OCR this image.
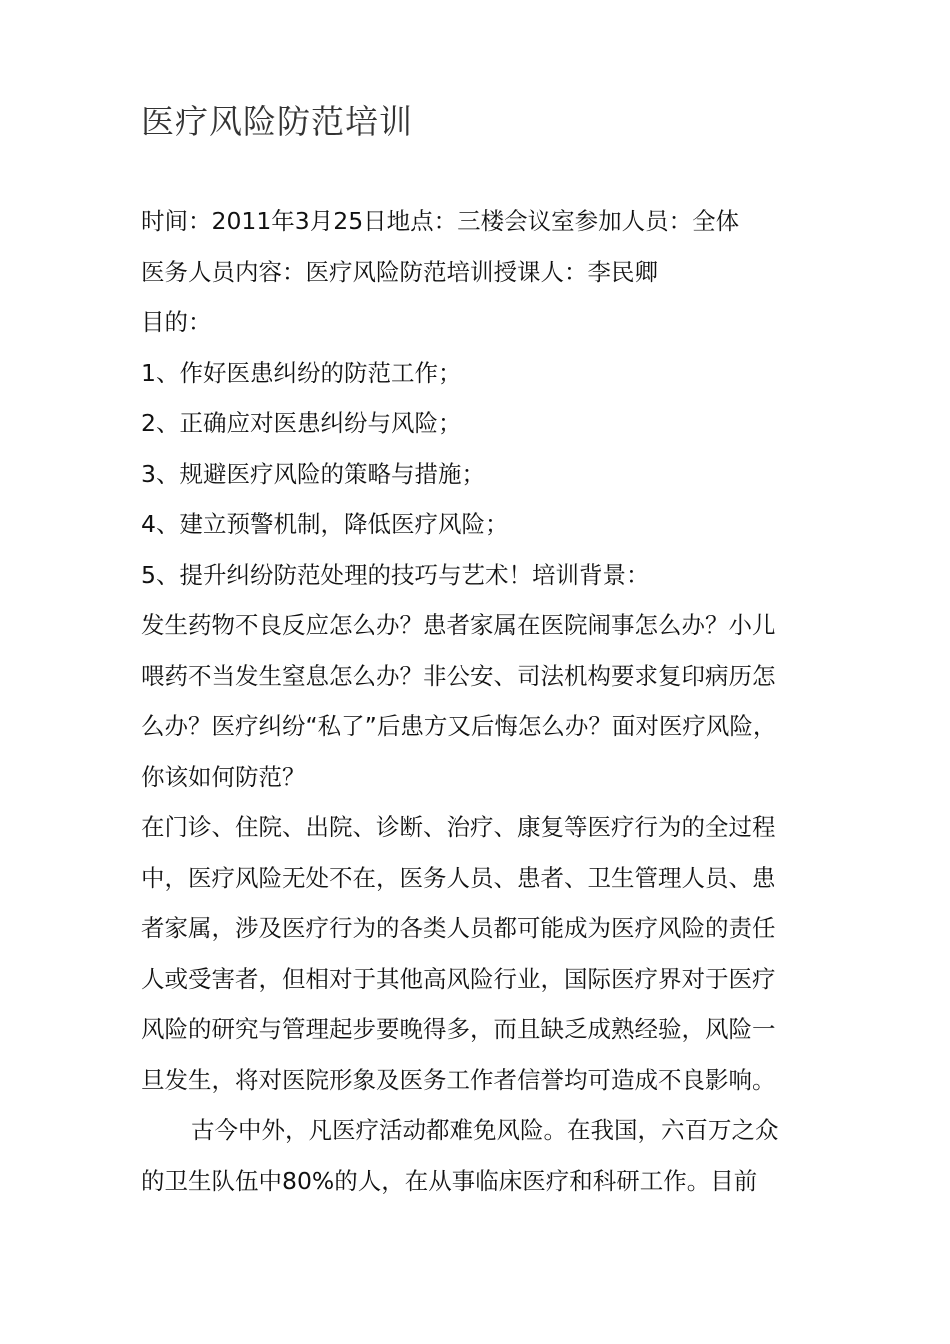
医疗风险防范培训
时间：2011年3月25日地点：三楼会议室参加人员：全体
医务人员内容：医疗风险防范培训授课人：李民卿
目的：
1、作好医患纠纷的防范工作；
2、正确应对医患纠纷与风险；
3、规避医疗风险的策略与措施；
4、建立预警机制，降低医疗风险；
5、提升纠纷防范处理的技巧与艺术！培训背景：
发生药物不良反应怎么办？患者家属在医院闹事怎么办？小儿
喂药不当发生窒息怎么办？非公安、司法机构要求复印病历怎
么办？医疗纠纷“私了”后患方又后悔怎么办？面对医疗风险，
你该如何防范？
在门诊、住院、出院、诊断、治疗、康复等医疗行为的全过程
中，医疗风险无处不在，医务人员、患者、卫生管理人员、患
者家属，涉及医疗行为的各类人员都可能成为医疗风险的责任
人或受害者，但相对于其他高风险行业，国际医疗界对于医疗
风险的研究与管理起步要晚得多，而且缺乏成熟经验，风险一
旦发生，将对医院形象及医务工作者信誉均可造成不良影响。
古今中外，凡医疗活动都难免风险。在我国，六百万之众
的卫生队伍中80%的人，在从事临床医疗和科研工作。目前
